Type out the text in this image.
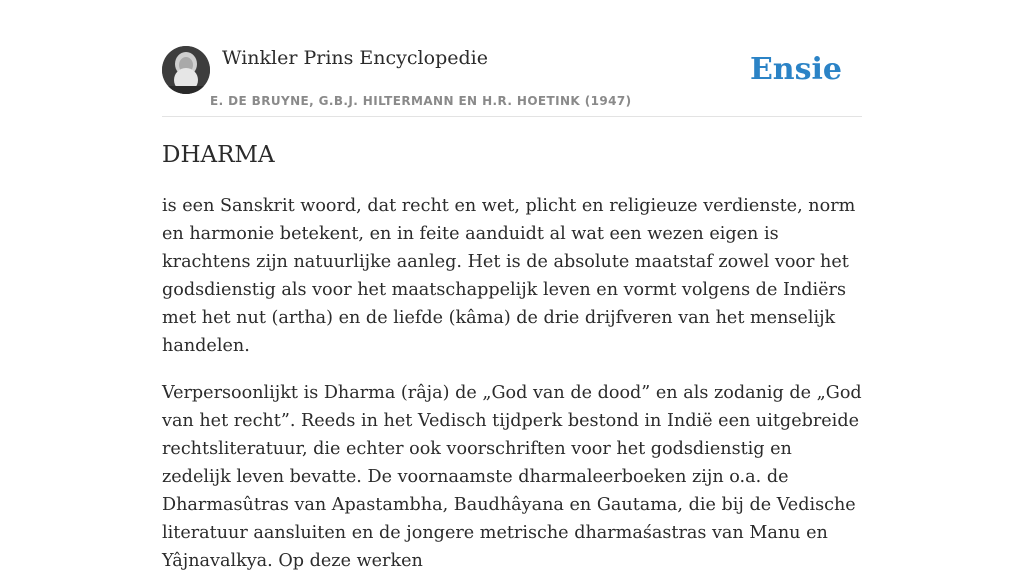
Winkler Prins Encyclopedie
E. DE BRUYNE, G.B.J. HILTERMANN EN H.R. HOETINK (1947)
Ensie
DHARMA

is een Sanskrit woord, dat recht en wet, plicht en religieuze verdienste, norm en harmonie betekent, en in feite aanduidt al wat een wezen eigen is krachtens zijn natuurlijke aanleg. Het is de absolute maatstaf zowel voor het godsdienstig als voor het maatschappelijk leven en vormt volgens de Indiërs met het nut (artha) en de liefde (kâma) de drie drijfveren van het menselijk handelen.

Verpersoonlijkt is Dharma (râja) de „God van de dood” en als zodanig de „God van het recht”. Reeds in het Vedisch tijdperk bestond in Indië een uitgebreide rechtsliteratuur, die echter ook voorschriften voor het godsdienstig en zedelijk leven bevatte. De voornaamste dharmaleerboeken zijn o.a. de Dharmasûtras van Apastambha, Baudhâyana en Gautama, die bij de Vedische literatuur aansluiten en de jongere metrische dharmaśastras van Manu en Yâjnavalkya. Op deze werken
